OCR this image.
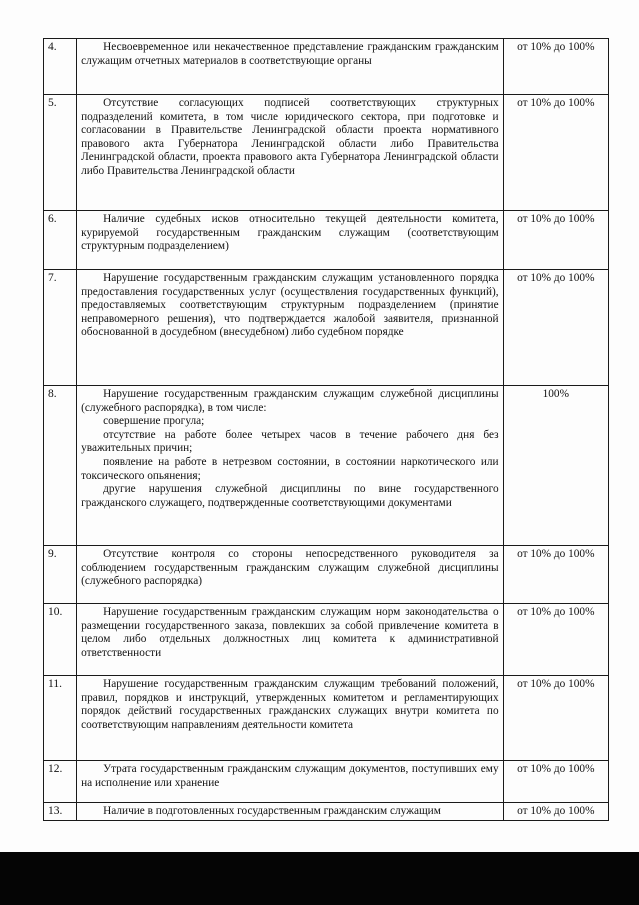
4.	Несвоевременное или некачественное представление гражданским гражданским служащим отчетных материалов в соответствующие органы	от 10% до 100%
5.	Отсутствие согласующих подписей соответствующих структурных подразделений комитета, в том числе юридического сектора, при подготовке и согласовании в Правительстве Ленинградской области проекта нормативного правового акта Губернатора Ленинградской области либо Правительства Ленинградской области, проекта правового акта Губернатора Ленинградской области либо Правительства Ленинградской области	от 10% до 100%
6.	Наличие судебных исков относительно текущей деятельности комитета, курируемой государственным гражданским служащим (соответствующим структурным подразделением)	от 10% до 100%
7.	Нарушение государственным гражданским служащим установленного порядка предоставления государственных услуг (осуществления государственных функций), предоставляемых соответствующим структурным подразделением (принятие неправомерного решения), что подтверждается жалобой заявителя, признанной обоснованной в досудебном (внесудебном) либо судебном порядке	от 10% до 100%
8.	Нарушение государственным гражданским служащим служебной дисциплины (служебного распорядка), в том числе:

совершение прогула;

отсутствие на работе более четырех часов в течение рабочего дня без уважительных причин;

появление на работе в нетрезвом состоянии, в состоянии наркотического или токсического опьянения;

другие нарушения служебной дисциплины по вине государственного гражданского служащего, подтвержденные соответствующими документами	100%
9.	Отсутствие контроля со стороны непосредственного руководителя за соблюдением государственным гражданским служащим служебной дисциплины (служебного распорядка)	от 10% до 100%
10.	Нарушение государственным гражданским служащим норм законодательства о размещении государственного заказа, повлекших за собой привлечение комитета в целом либо отдельных должностных лиц комитета к административной ответственности	от 10% до 100%
11.	Нарушение государственным гражданским служащим требований положений, правил, порядков и инструкций, утвержденных комитетом и регламентирующих порядок действий государственных гражданских служащих внутри комитета по соответствующим направлениям деятельности комитета	от 10% до 100%
12.	Утрата государственным гражданским служащим документов, поступивших ему на исполнение или хранение	от 10% до 100%
13.	Наличие в подготовленных государственным гражданским служащим	от 10% до 100%
